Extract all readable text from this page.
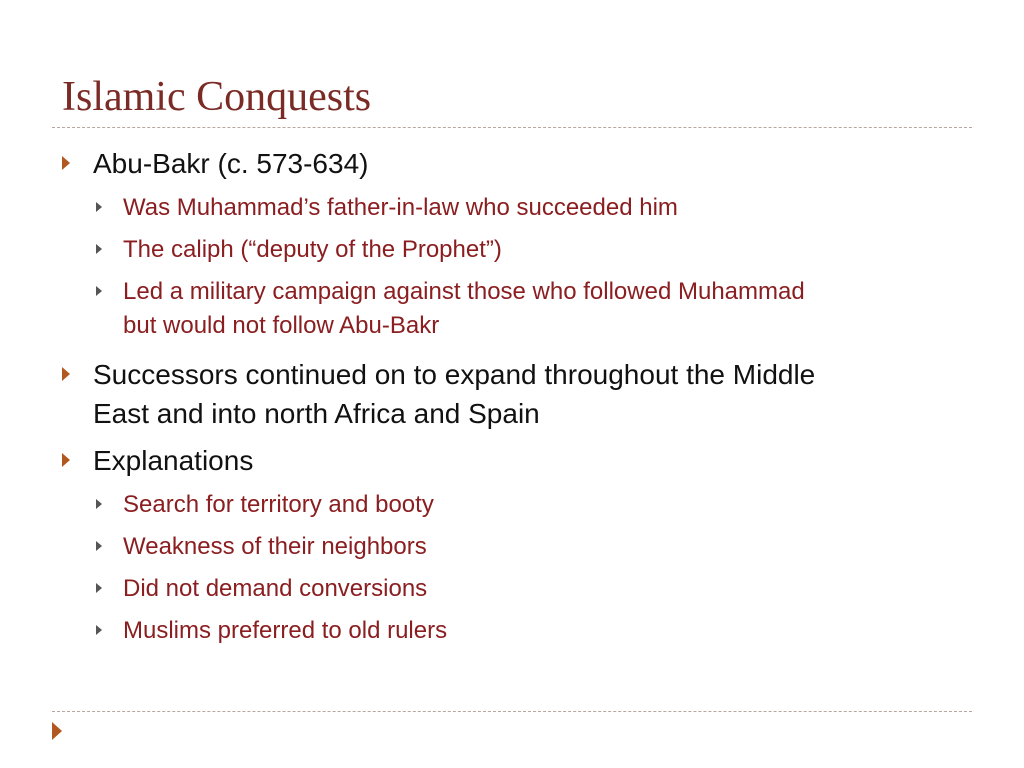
Islamic Conquests
Abu-Bakr (c. 573-634)
Was Muhammad’s father-in-law who succeeded him
The caliph (“deputy of the Prophet”)
Led a military campaign against those who followed Muhammad but would not follow Abu-Bakr
Successors continued on to expand throughout the Middle East and into north Africa and Spain
Explanations
Search for territory and booty
Weakness of their neighbors
Did not demand conversions
Muslims preferred to old rulers
